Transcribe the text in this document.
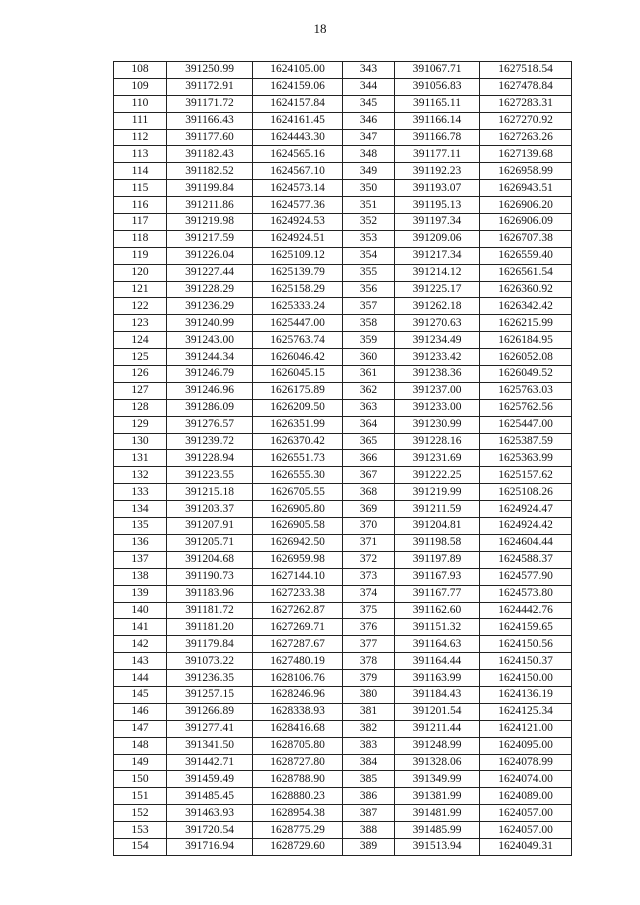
18
108	391250.99	1624105.00	343	391067.71	1627518.54
109	391172.91	1624159.06	344	391056.83	1627478.84
110	391171.72	1624157.84	345	391165.11	1627283.31
111	391166.43	1624161.45	346	391166.14	1627270.92
112	391177.60	1624443.30	347	391166.78	1627263.26
113	391182.43	1624565.16	348	391177.11	1627139.68
114	391182.52	1624567.10	349	391192.23	1626958.99
115	391199.84	1624573.14	350	391193.07	1626943.51
116	391211.86	1624577.36	351	391195.13	1626906.20
117	391219.98	1624924.53	352	391197.34	1626906.09
118	391217.59	1624924.51	353	391209.06	1626707.38
119	391226.04	1625109.12	354	391217.34	1626559.40
120	391227.44	1625139.79	355	391214.12	1626561.54
121	391228.29	1625158.29	356	391225.17	1626360.92
122	391236.29	1625333.24	357	391262.18	1626342.42
123	391240.99	1625447.00	358	391270.63	1626215.99
124	391243.00	1625763.74	359	391234.49	1626184.95
125	391244.34	1626046.42	360	391233.42	1626052.08
126	391246.79	1626045.15	361	391238.36	1626049.52
127	391246.96	1626175.89	362	391237.00	1625763.03
128	391286.09	1626209.50	363	391233.00	1625762.56
129	391276.57	1626351.99	364	391230.99	1625447.00
130	391239.72	1626370.42	365	391228.16	1625387.59
131	391228.94	1626551.73	366	391231.69	1625363.99
132	391223.55	1626555.30	367	391222.25	1625157.62
133	391215.18	1626705.55	368	391219.99	1625108.26
134	391203.37	1626905.80	369	391211.59	1624924.47
135	391207.91	1626905.58	370	391204.81	1624924.42
136	391205.71	1626942.50	371	391198.58	1624604.44
137	391204.68	1626959.98	372	391197.89	1624588.37
138	391190.73	1627144.10	373	391167.93	1624577.90
139	391183.96	1627233.38	374	391167.77	1624573.80
140	391181.72	1627262.87	375	391162.60	1624442.76
141	391181.20	1627269.71	376	391151.32	1624159.65
142	391179.84	1627287.67	377	391164.63	1624150.56
143	391073.22	1627480.19	378	391164.44	1624150.37
144	391236.35	1628106.76	379	391163.99	1624150.00
145	391257.15	1628246.96	380	391184.43	1624136.19
146	391266.89	1628338.93	381	391201.54	1624125.34
147	391277.41	1628416.68	382	391211.44	1624121.00
148	391341.50	1628705.80	383	391248.99	1624095.00
149	391442.71	1628727.80	384	391328.06	1624078.99
150	391459.49	1628788.90	385	391349.99	1624074.00
151	391485.45	1628880.23	386	391381.99	1624089.00
152	391463.93	1628954.38	387	391481.99	1624057.00
153	391720.54	1628775.29	388	391485.99	1624057.00
154	391716.94	1628729.60	389	391513.94	1624049.31
